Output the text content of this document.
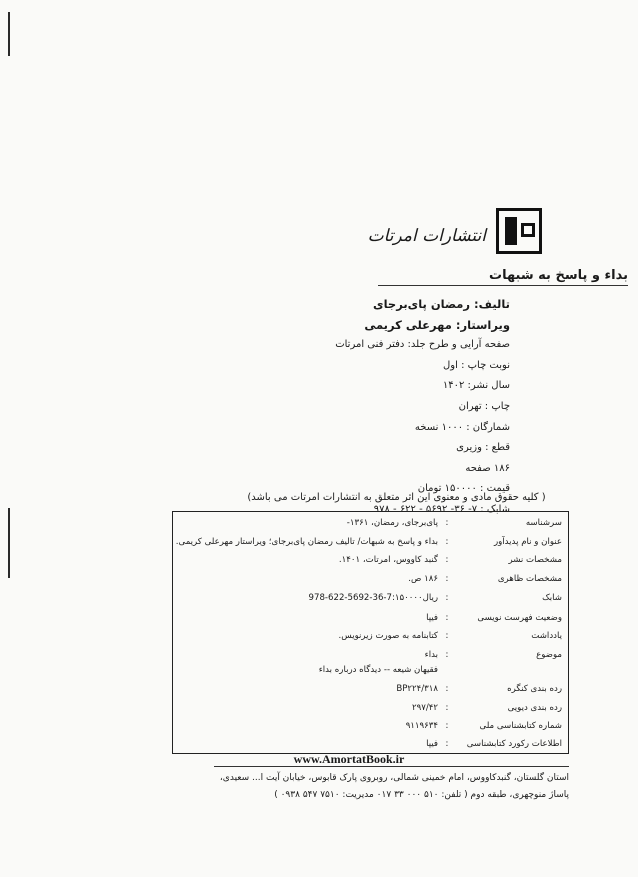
انتشارات امرتات
بداء و پاسخ به شبهات
تالیف: رمضان پای‌برجای
ویراستار: مهرعلی کریمی
صفحه آرایی و طرح جلد: دفتر فنی امرتات
نوبت چاپ : اول
سال نشر: ۱۴۰۲
چاپ : تهران
شمارگان : ۱۰۰۰ نسخه
قطع : وزیری
۱۸۶ صفحه
قیمت : ۱۵۰۰۰۰ تومان
شابک : ۷- ۳۶- ۵۶۹۲ - ۶۲۲ - ۹۷۸
( کلیه حقوق مادی و معنوی این اثر متعلق به انتشارات امرتات می باشد)
سرشناسه
:
پای‌برجای، رمضان، ۱۳۶۱-
عنوان و نام پدیدآور
:
بداء و پاسخ به شبهات/ تالیف رمضان پای‌برجای؛ ویراستار مهرعلی کریمی.
مشخصات نشر
:
گنبد کاووس، امرتات، ۱۴۰۱.
مشخصات ظاهری
:
۱۸۶ ص.
شابک
:
978-622-5692-36-7:۱۵۰۰۰۰ریال
وضعیت فهرست نویسی
:
فیپا
یادداشت
:
کتابنامه به صورت زیرنویس.
موضوع
:
بداء
فقیهان شیعه -- دیدگاه درباره بداء
رده بندی کنگره
:
BP۲۲۴/۳۱۸
رده بندی دیویی
:
۲۹۷/۴۲
شماره کتابشناسی ملی
:
۹۱۱۹۶۳۴
اطلاعات رکورد کتابشناسی
:
فیپا
www.AmortatBook.ir
استان گلستان، گنبدکاووس، امام خمینی شمالی، روبروی پارک قابوس، خیابان آیت ا... سعیدی،
پاساژ منوچهری، طبقه دوم ( تلفن: ۵۱۰ ۰۰۰ ۳۳ ۰۱۷ مدیریت: ۷۵۱۰ ۵۴۷ ۰۹۳۸ )
